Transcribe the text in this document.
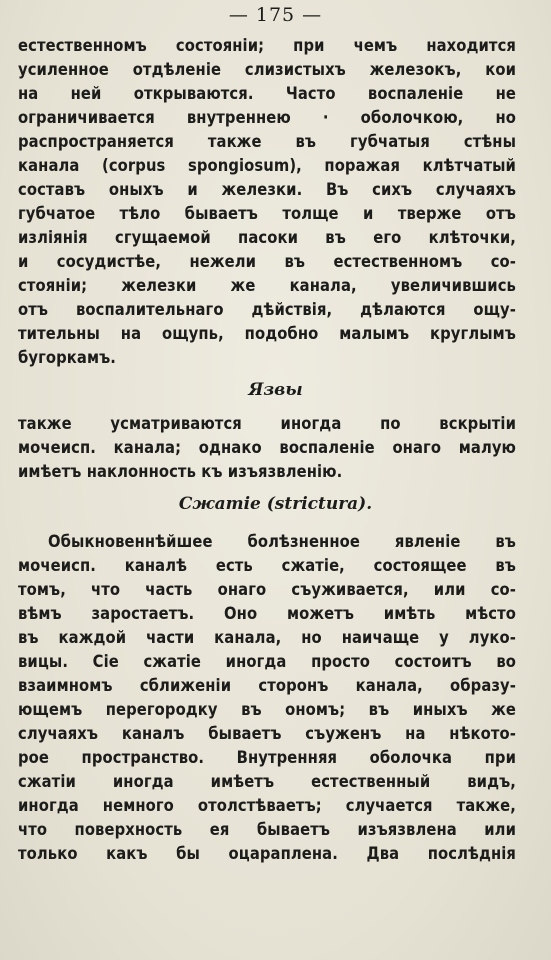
— 175 —
естественномъ состояніи; при чемъ находится
усиленное отдѣленіе слизистыхъ железокъ, кои
на ней открываются. Часто воспаленіе не
ограничивается внутреннею · оболочкою, но
распространяется также въ губчатыя стѣны
канала (corpus spongiosum), поражая клѣтчатый
составъ оныхъ и железки. Въ сихъ случаяхъ
губчатое тѣло бываетъ толще и тверже отъ
изліянія сгущаемой пасоки въ его клѣточки,
и сосудистѣе, нежели въ естественномъ со-
стояніи; железки же канала, увеличившись
отъ воспалительнаго дѣйствія, дѣлаются ощу-
тительны на ощупь, подобно малымъ круглымъ
бугоркамъ.
Язвы
также усматриваются иногда по вскрытіи
мочеисп. канала; однако воспаленіе онаго малую
имѣетъ наклонность къ изъязвленію.
Сжатіе (strictura).
Обыкновеннѣйшее болѣзненное явленіе въ
мочеисп. каналѣ есть сжатіе, состоящее въ
томъ, что часть онаго съуживается, или со-
вѣмъ заростаетъ. Оно можетъ имѣть мѣсто
въ каждой части канала, но наичаще у луко-
вицы. Сіе сжатіе иногда просто состоитъ во
взаимномъ сближеніи сторонъ канала, образу-
ющемъ перегородку въ ономъ; въ иныхъ же
случаяхъ каналъ бываетъ съуженъ на нѣкото-
рое пространство. Внутренняя оболочка при
сжатіи иногда имѣетъ естественный видъ,
иногда немного отолстѣваетъ; случается также,
что поверхность ея бываетъ изъязвлена или
только какъ бы оцарапленa. Два послѣднія
